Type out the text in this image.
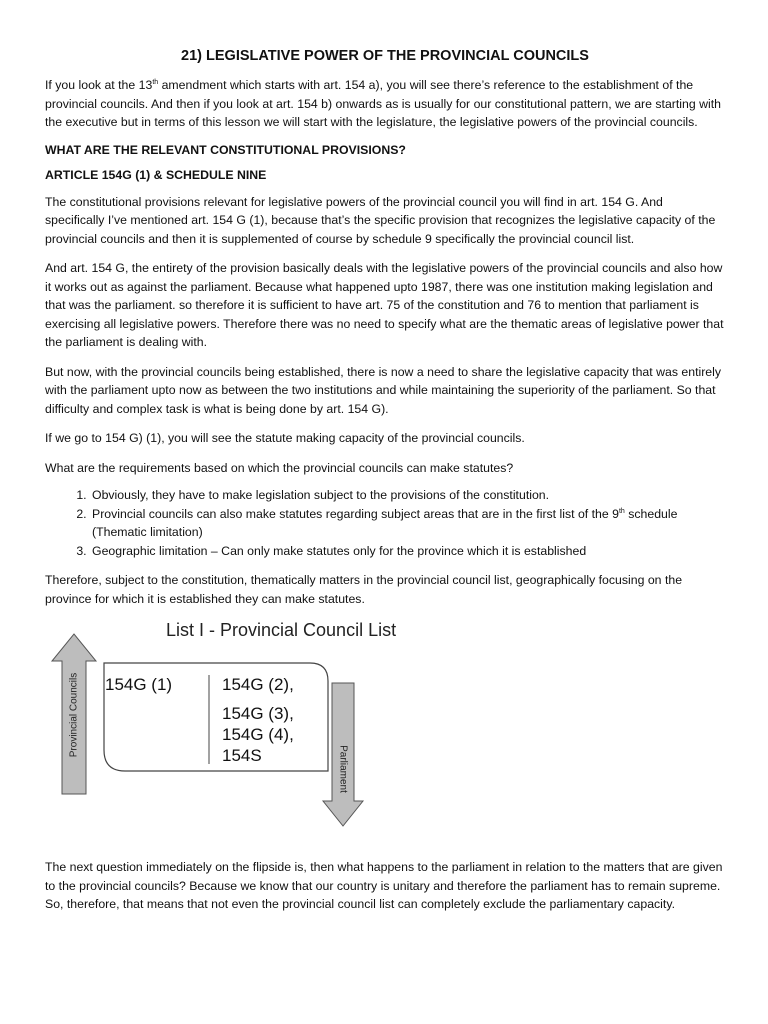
21) LEGISLATIVE POWER OF THE PROVINCIAL COUNCILS

If you look at the 13th amendment which starts with art. 154 a), you will see there’s reference to the establishment of the provincial councils. And then if you look at art. 154 b) onwards as is usually for our constitutional pattern, we are starting with the executive but in terms of this lesson we will start with the legislature, the legislative powers of the provincial councils.

WHAT ARE THE RELEVANT CONSTITUTIONAL PROVISIONS?
ARTICLE 154G (1) & SCHEDULE NINE

The constitutional provisions relevant for legislative powers of the provincial council you will find in art. 154 G. And specifically I’ve mentioned art. 154 G (1), because that’s the specific provision that recognizes the legislative capacity of the provincial councils and then it is supplemented of course by schedule 9 specifically the provincial council list.

And art. 154 G, the entirety of the provision basically deals with the legislative powers of the provincial councils and also how it works out as against the parliament. Because what happened upto 1987, there was one institution making legislation and that was the parliament. so therefore it is sufficient to have art. 75 of the constitution and 76 to mention that parliament is exercising all legislative powers. Therefore there was no need to specify what are the thematic areas of legislative power that the parliament is dealing with.

But now, with the provincial councils being established, there is now a need to share the legislative capacity that was entirely with the parliament upto now as between the two institutions and while maintaining the superiority of the parliament. So that difficulty and complex task is what is being done by art. 154 G).

If we go to 154 G) (1), you will see the statute making capacity of the provincial councils.

What are the requirements based on which the provincial councils can make statutes?

1. Obviously, they have to make legislation subject to the provisions of the constitution.
2. Provincial councils can also make statutes regarding subject areas that are in the first list of the 9th schedule (Thematic limitation)
3. Geographic limitation – Can only make statutes only for the province which it is established

Therefore, subject to the constitution, thematically matters in the provincial council list, geographically focusing on the province for which it is established they can make statutes.

List I - Provincial Council List
154G (1)	154G (2),
154G (3),
154G (4),
154S
Provincial Councils
Parliament

The next question immediately on the flipside is, then what happens to the parliament in relation to the matters that are given to the provincial councils? Because we know that our country is unitary and therefore the parliament has to remain supreme. So, therefore, that means that not even the provincial council list can completely exclude the parliamentary capacity.
